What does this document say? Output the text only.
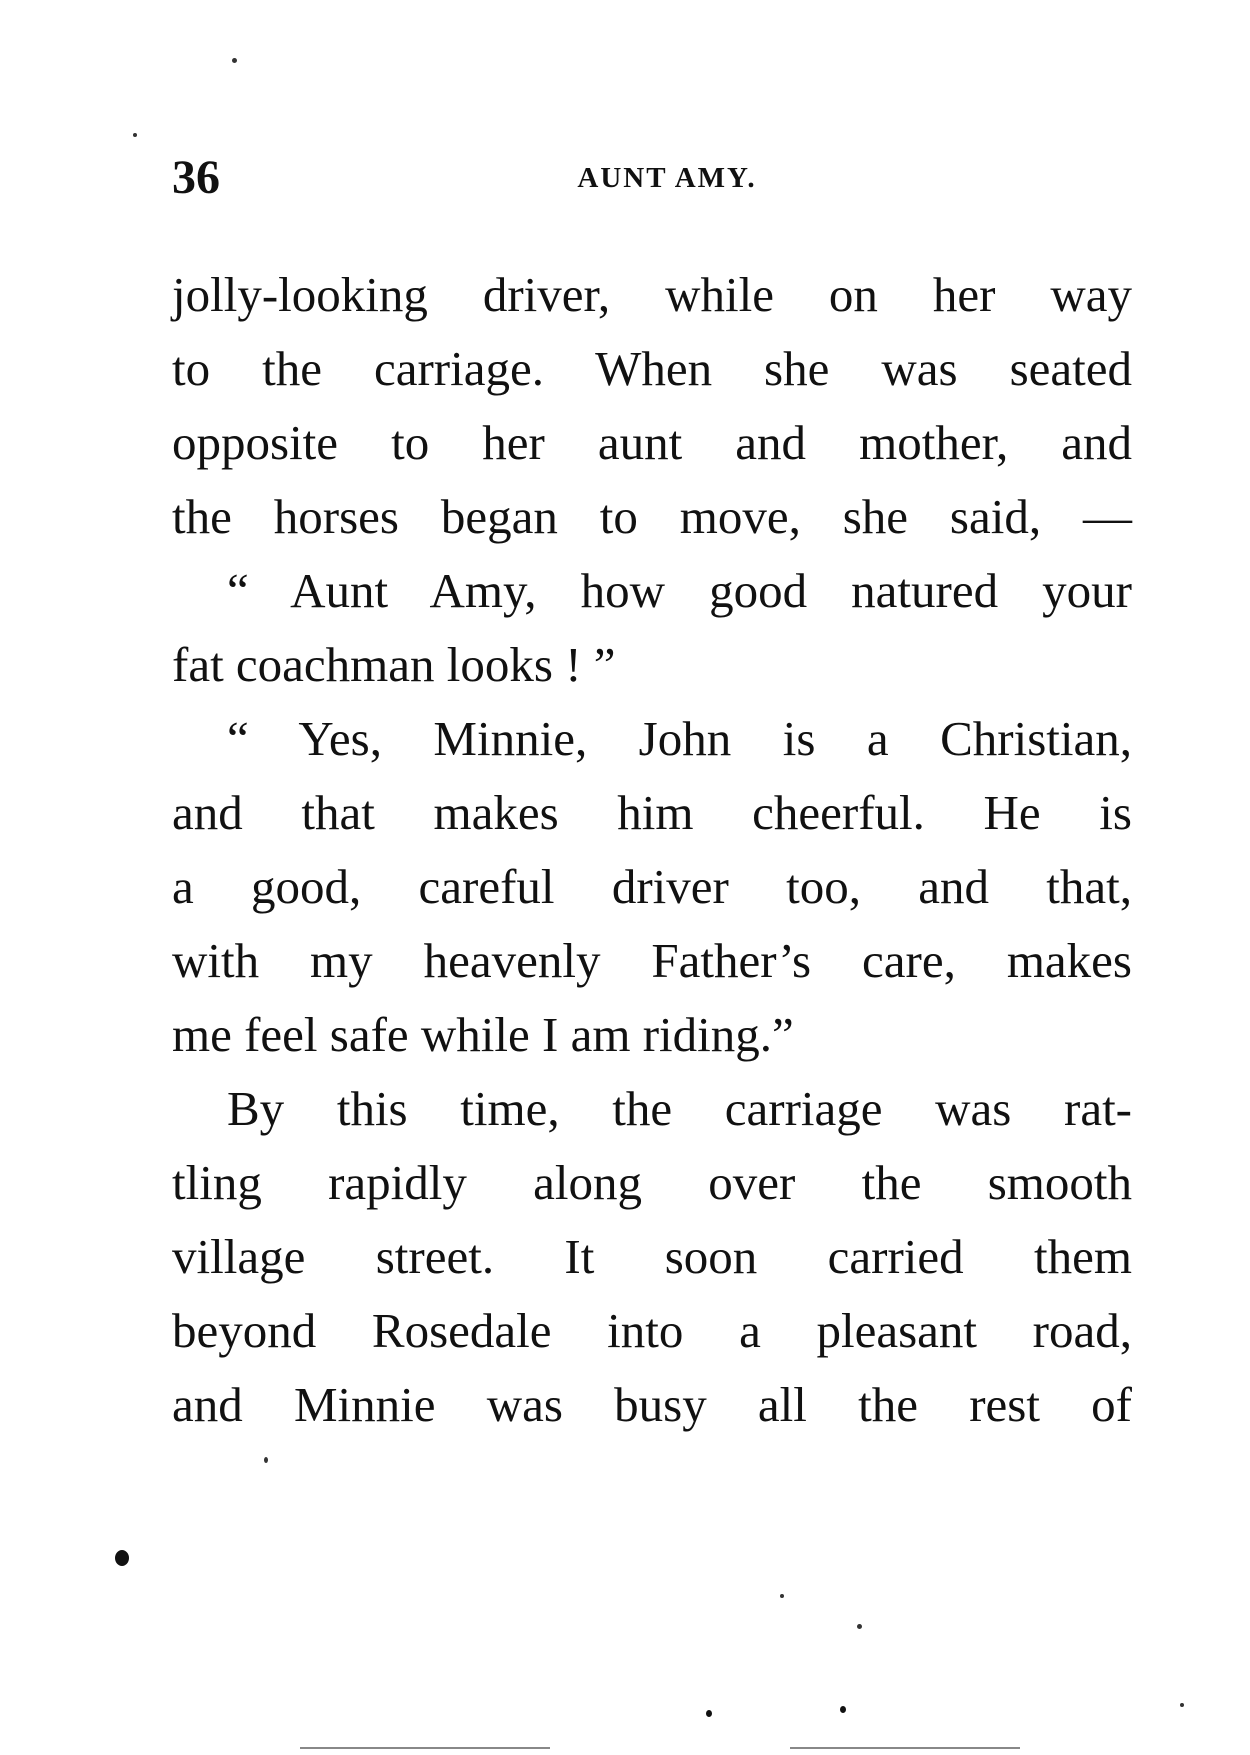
36	AUNT AMY.
jolly-looking driver, while on her way
to the carriage. When she was seated
opposite to her aunt and mother, and
the horses began to move, she said, —
“ Aunt Amy, how good natured your
fat coachman looks ! ”
“ Yes, Minnie, John is a Christian,
and that makes him cheerful. He is
a good, careful driver too, and that,
with my heavenly Father’s care, makes
me feel safe while I am riding.”
By this time, the carriage was rat-
tling rapidly along over the smooth
village street. It soon carried them
beyond Rosedale into a pleasant road,
and Minnie was busy all the rest of
